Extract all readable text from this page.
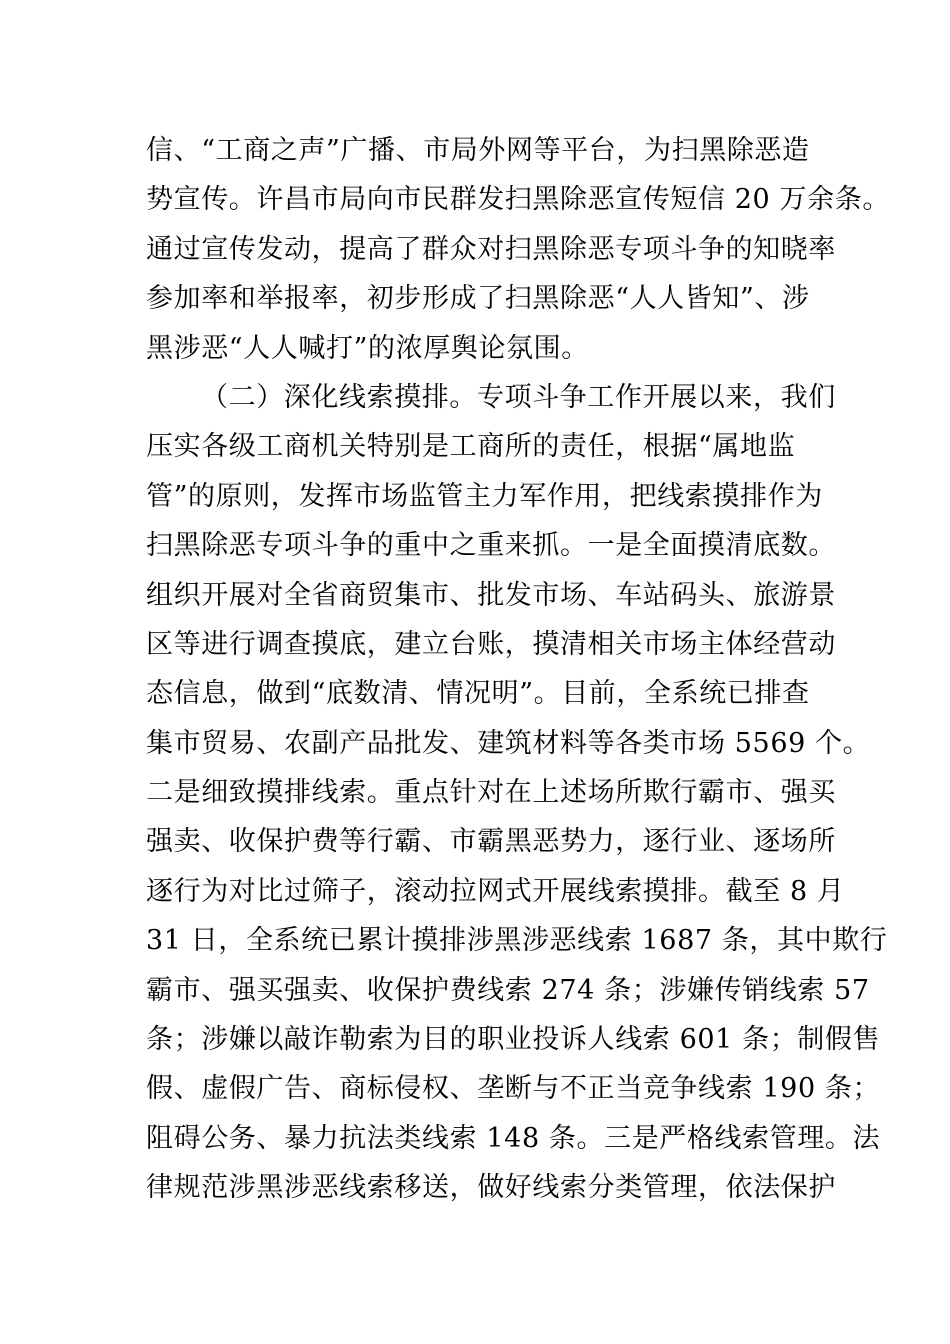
信、“工商之声”广播、市局外网等平台，为扫黑除恶造
势宣传。许昌市局向市民群发扫黑除恶宣传短信 20 万余条。
通过宣传发动，提高了群众对扫黑除恶专项斗争的知晓率
参加率和举报率，初步形成了扫黑除恶“人人皆知”、涉
黑涉恶“人人喊打”的浓厚舆论氛围。
（二）深化线索摸排。专项斗争工作开展以来，我们
压实各级工商机关特别是工商所的责任，根据“属地监
管”的原则，发挥市场监管主力军作用，把线索摸排作为
扫黑除恶专项斗争的重中之重来抓。一是全面摸清底数。
组织开展对全省商贸集市、批发市场、车站码头、旅游景
区等进行调查摸底，建立台账，摸清相关市场主体经营动
态信息，做到“底数清、情况明”。目前，全系统已排查
集市贸易、农副产品批发、建筑材料等各类市场 5569 个。
二是细致摸排线索。重点针对在上述场所欺行霸市、强买
强卖、收保护费等行霸、市霸黑恶势力，逐行业、逐场所
逐行为对比过筛子，滚动拉网式开展线索摸排。截至 8 月
31 日，全系统已累计摸排涉黑涉恶线索 1687 条，其中欺行
霸市、强买强卖、收保护费线索 274 条；涉嫌传销线索 57
条；涉嫌以敲诈勒索为目的职业投诉人线索 601 条；制假售
假、虚假广告、商标侵权、垄断与不正当竞争线索 190 条；
阻碍公务、暴力抗法类线索 148 条。三是严格线索管理。法
律规范涉黑涉恶线索移送，做好线索分类管理，依法保护
